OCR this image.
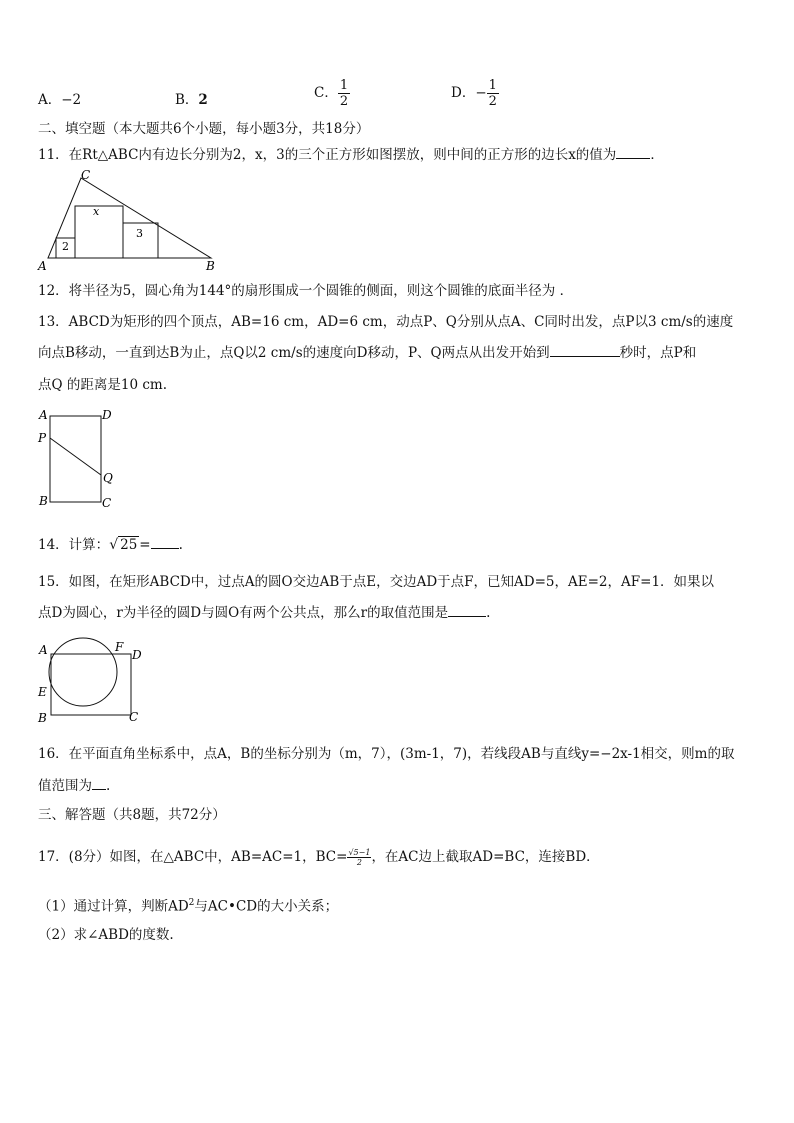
A．−2	B．2	C． $\frac{1}{2}$	D．− $\frac{1}{2}$
二、填空题（本大题共6个小题，每小题3分，共18分）
11．在Rt△ABC内有边长分别为2，x，3的三个正方形如图摆放，则中间的正方形的边长x的值为	．
C
A	B
x
2
3
12．将半径为5，圆心角为144°的扇形围成一个圆锥的侧面，则这个圆锥的底面半径为 ．
13．ABCD为矩形的四个顶点，AB=16 cm，AD=6 cm，动点P、Q分别从点A、C同时出发，点P以3 cm/s的速度
向点B移动，一直到达B为止，点Q以2 cm/s的速度向D移动，P、Q两点从出发开始到	秒时，点P和
点Q 的距离是10 cm.
A	D
P
Q
B	C
14．计算：√ 25 = .
15．如图，在矩形ABCD中，过点A的圆O交边AB于点E，交边AD于点F，已知AD=5，AE=2，AF=1．如果以
点D为圆心，r为半径的圆D与圆O有两个公共点，那么r的取值范围是	.
A	F
D
E
B	C
16．在平面直角坐标系中，点A，B的坐标分别为（m，7），(3m-1，7)，若线段AB与直线y=−2x-1相交，则m的取
值范围为 .
三、解答题（共8题，共72分）
17．(8分）如图，在△ABC中，AB=AC=1，$BC= \frac{√5-1}{2}$ ，在AC边上截取AD=BC，连接BD．
（1）通过计算，判断$AD^2$与AC•CD的大小关系；
（2）求∠ABD的度数.
